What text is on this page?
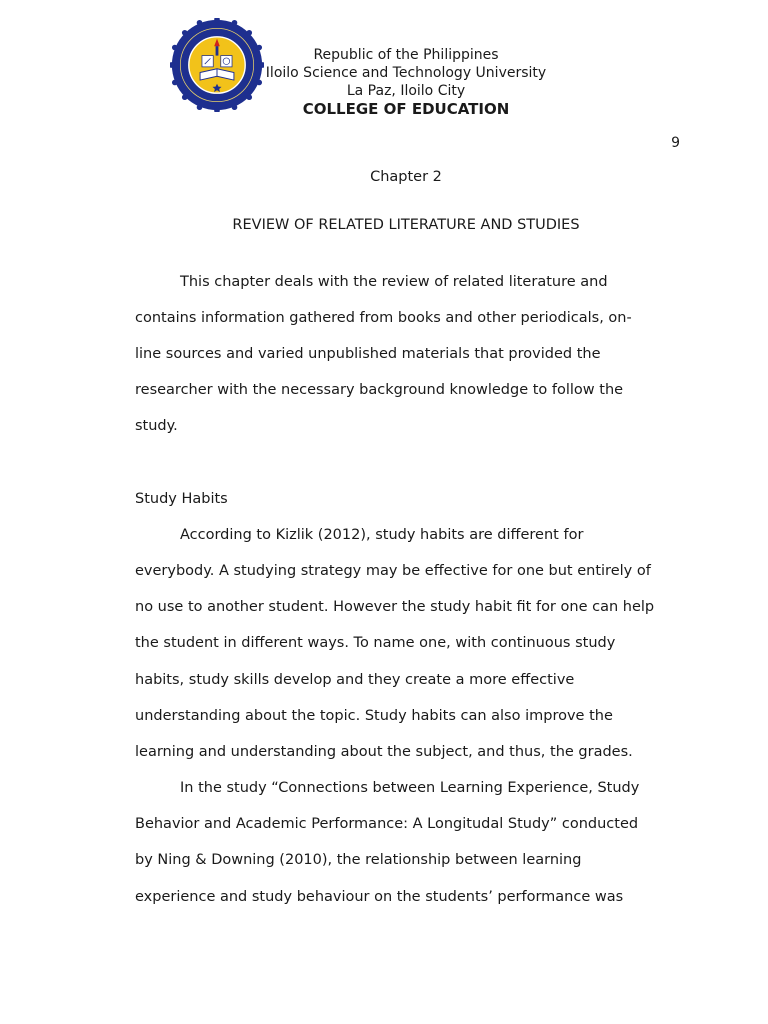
Republic of the Philippines
Iloilo Science and Technology University
La Paz, Iloilo City
COLLEGE OF EDUCATION
9
Chapter 2
REVIEW OF RELATED LITERATURE AND STUDIES
This chapter deals with the review of related literature and
contains information gathered from books and other periodicals, on-
line sources and varied unpublished materials that provided the
researcher with the necessary background knowledge to follow the
study.
Study Habits
According to Kizlik (2012), study habits are different for
everybody. A studying strategy may be effective for one but entirely of
no use to another student. However the study habit fit for one can help
the student in different ways. To name one, with continuous study
habits, study skills develop and they create a more effective
understanding about the topic. Study habits can also improve the
learning and understanding about the subject, and thus, the grades.
In the study “Connections between Learning Experience, Study
Behavior and Academic Performance: A Longitudal Study” conducted
by Ning & Downing (2010), the relationship between learning
experience and study behaviour on the students’ performance was
